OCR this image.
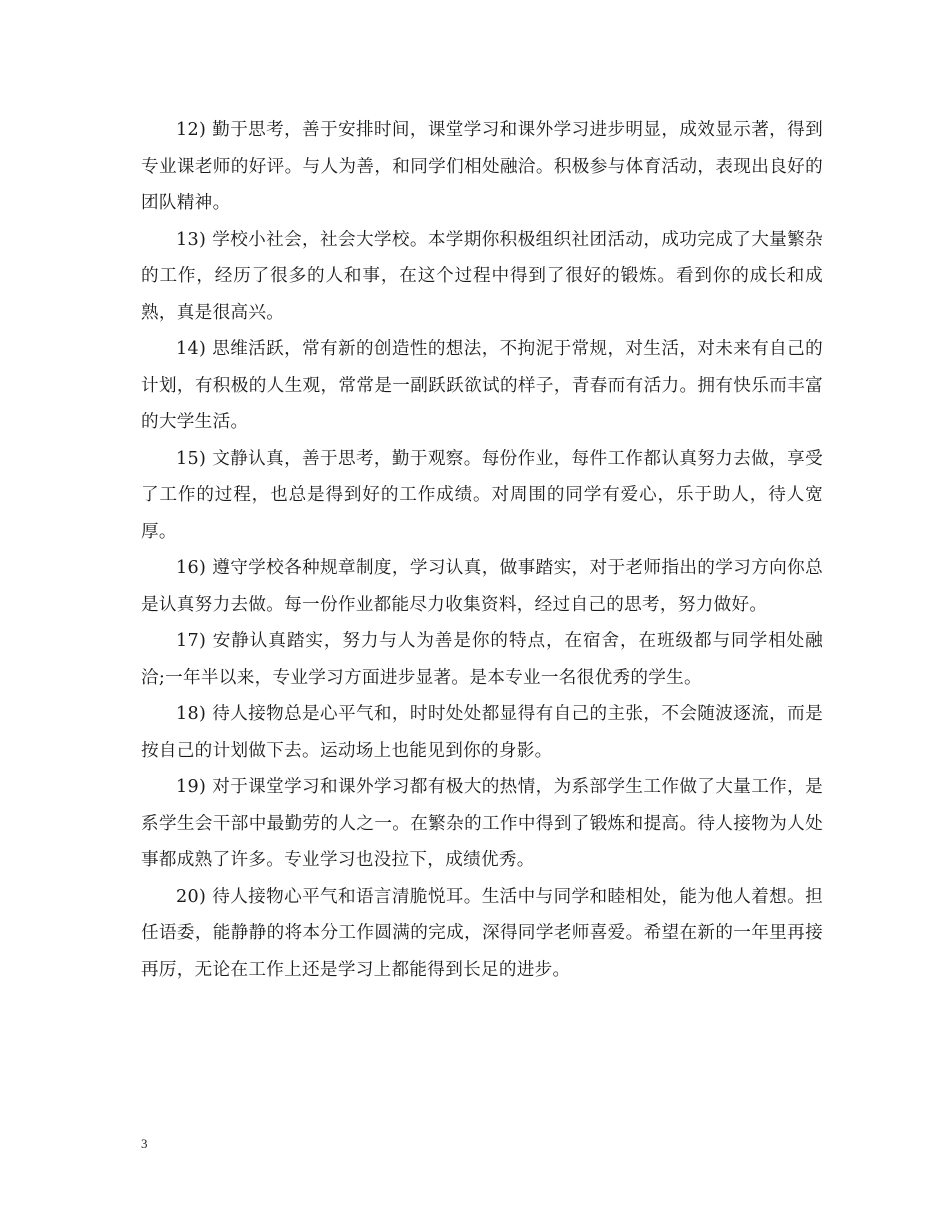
12) 勤于思考，善于安排时间，课堂学习和课外学习进步明显，成效显示著，得到专业课老师的好评。与人为善，和同学们相处融洽。积极参与体育活动，表现出良好的团队精神。

13) 学校小社会，社会大学校。本学期你积极组织社团活动，成功完成了大量繁杂的工作，经历了很多的人和事，在这个过程中得到了很好的锻炼。看到你的成长和成熟，真是很高兴。

14) 思维活跃，常有新的创造性的想法，不拘泥于常规，对生活，对未来有自己的计划，有积极的人生观，常常是一副跃跃欲试的样子，青春而有活力。拥有快乐而丰富的大学生活。

15) 文静认真，善于思考，勤于观察。每份作业，每件工作都认真努力去做，享受了工作的过程，也总是得到好的工作成绩。对周围的同学有爱心，乐于助人，待人宽厚。

16) 遵守学校各种规章制度，学习认真，做事踏实，对于老师指出的学习方向你总是认真努力去做。每一份作业都能尽力收集资料，经过自己的思考，努力做好。

17) 安静认真踏实，努力与人为善是你的特点，在宿舍，在班级都与同学相处融洽;一年半以来，专业学习方面进步显著。是本专业一名很优秀的学生。

18) 待人接物总是心平气和，时时处处都显得有自己的主张，不会随波逐流，而是按自己的计划做下去。运动场上也能见到你的身影。

19) 对于课堂学习和课外学习都有极大的热情，为系部学生工作做了大量工作，是系学生会干部中最勤劳的人之一。在繁杂的工作中得到了锻炼和提高。待人接物为人处事都成熟了许多。专业学习也没拉下，成绩优秀。

20) 待人接物心平气和语言清脆悦耳。生活中与同学和睦相处，能为他人着想。担任语委，能静静的将本分工作圆满的完成，深得同学老师喜爱。希望在新的一年里再接再厉，无论在工作上还是学习上都能得到长足的进步。

3
